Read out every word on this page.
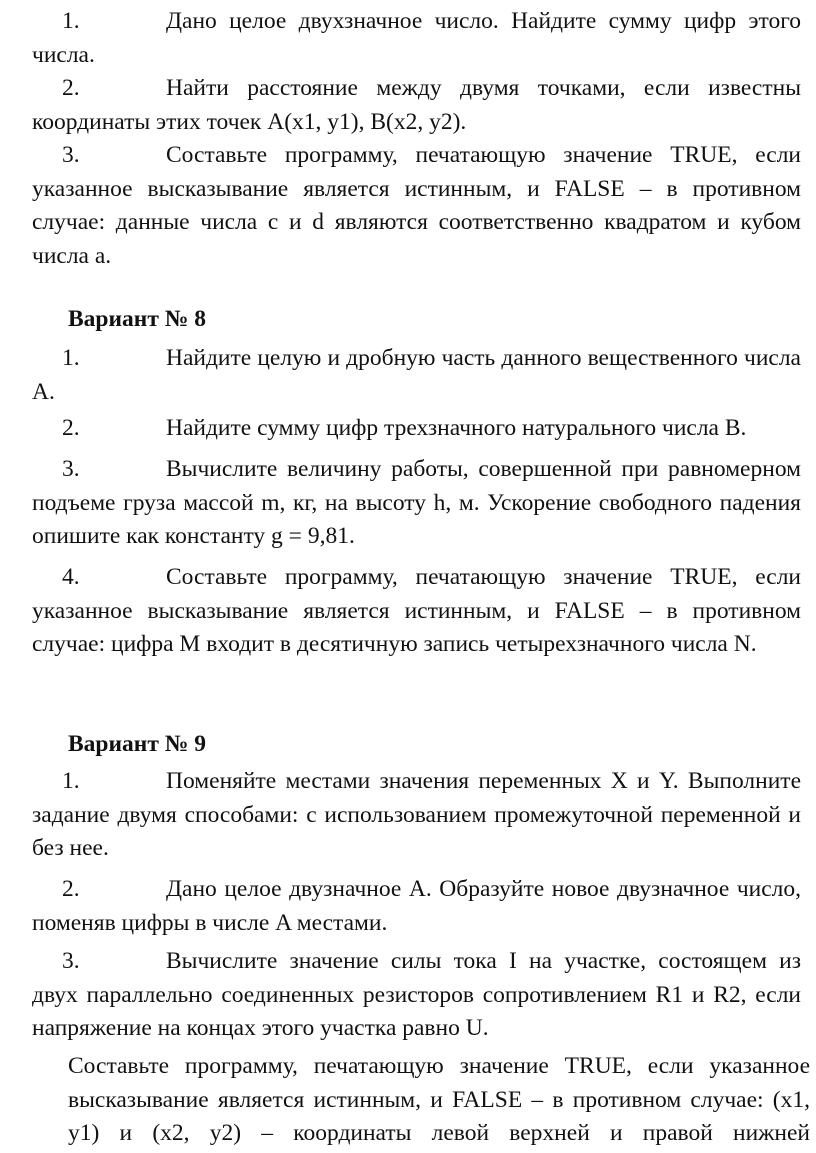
1.	Дано целое двухзначное число. Найдите сумму цифр этого числа.
2.	Найти расстояние между двумя точками, если известны координаты этих точек A(x1, y1), B(x2, y2).
3.	Составьте программу, печатающую значение TRUE, если указанное высказывание является истинным, и FALSE – в противном случае: данные числа c и d являются соответственно квадратом и кубом числа a.
Вариант № 8
1.	Найдите целую и дробную часть данного вещественного числа A.
2.	Найдите сумму цифр трехзначного натурального числа B.
3.	Вычислите величину работы, совершенной при равномерном подъеме груза массой m, кг, на высоту h, м. Ускорение свободного падения опишите как константу g = 9,81.
4.	Составьте программу, печатающую значение TRUE, если указанное высказывание является истинным, и FALSE – в противном случае: цифра M входит в десятичную запись четырехзначного числа N.
Вариант № 9
1.	Поменяйте местами значения переменных X и Y. Выполните задание двумя способами: с использованием промежуточной переменной и без нее.
2.	Дано целое двузначное A. Образуйте новое двузначное число, поменяв цифры в числе A местами.
3.	Вычислите значение силы тока I на участке, состоящем из двух параллельно соединенных резисторов сопротивлением R1 и R2, если напряжение на концах этого участка равно U.
Составьте программу, печатающую значение TRUE, если указанное высказывание является истинным, и FALSE – в противном случае: (x1, y1) и (x2, y2) – координаты левой верхней и правой нижней
